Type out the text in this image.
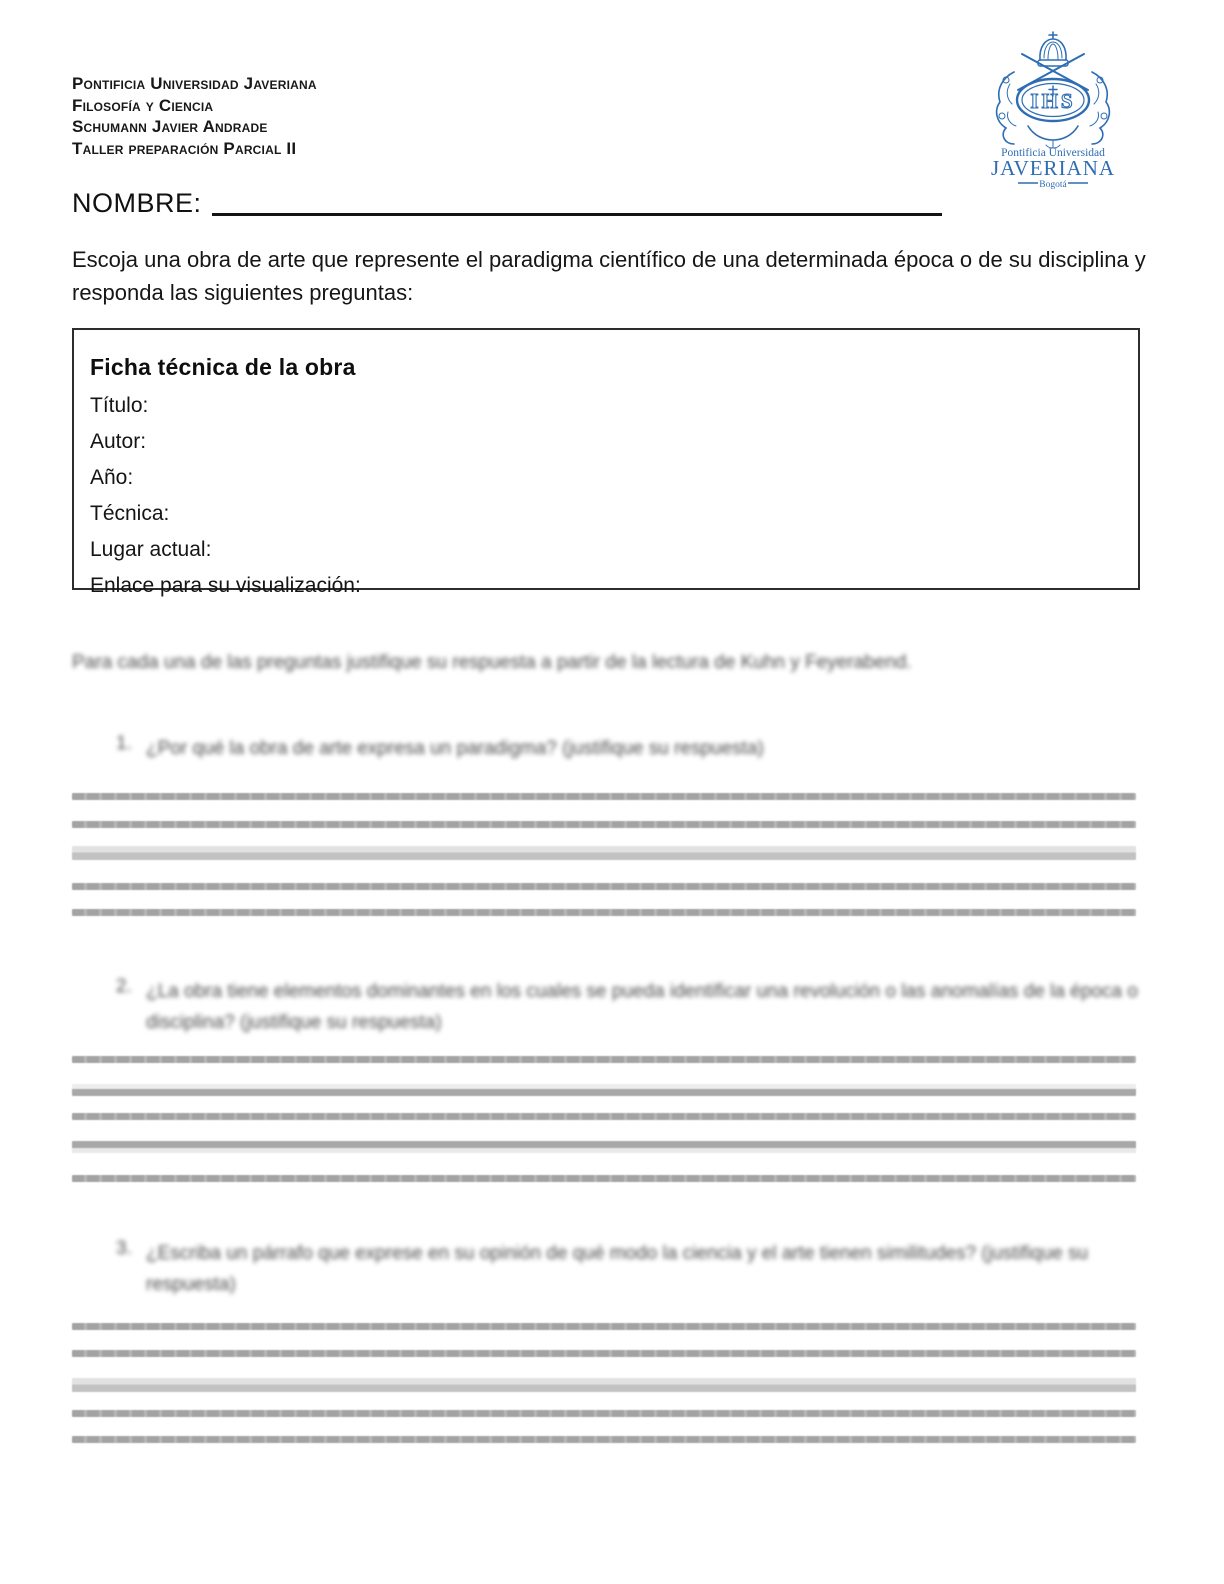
Pontificia Universidad Javeriana
Filosofía y Ciencia
Schumann Javier Andrade
Taller preparación Parcial II
IHS
Pontificia Universidad
JAVERIANA
Bogotá
NOMBRE:

Escoja una obra de arte que represente el paradigma científico de una determinada época o de su disciplina y responda las siguientes preguntas:

Ficha técnica de la obra
Título:
Autor:
Año:
Técnica:
Lugar actual:
Enlace para su visualización:

Para cada una de las preguntas justifique su respuesta a partir de la lectura de Kuhn y Feyerabend.

1. ¿Por qué la obra de arte expresa un paradigma? (justifique su respuesta)
2. ¿La obra tiene elementos dominantes en los cuales se pueda identificar una revolución o las anomalías de la época o disciplina? (justifique su respuesta)
3. ¿Escriba un párrafo que exprese en su opinión de qué modo la ciencia y el arte tienen similitudes? (justifique su respuesta)
